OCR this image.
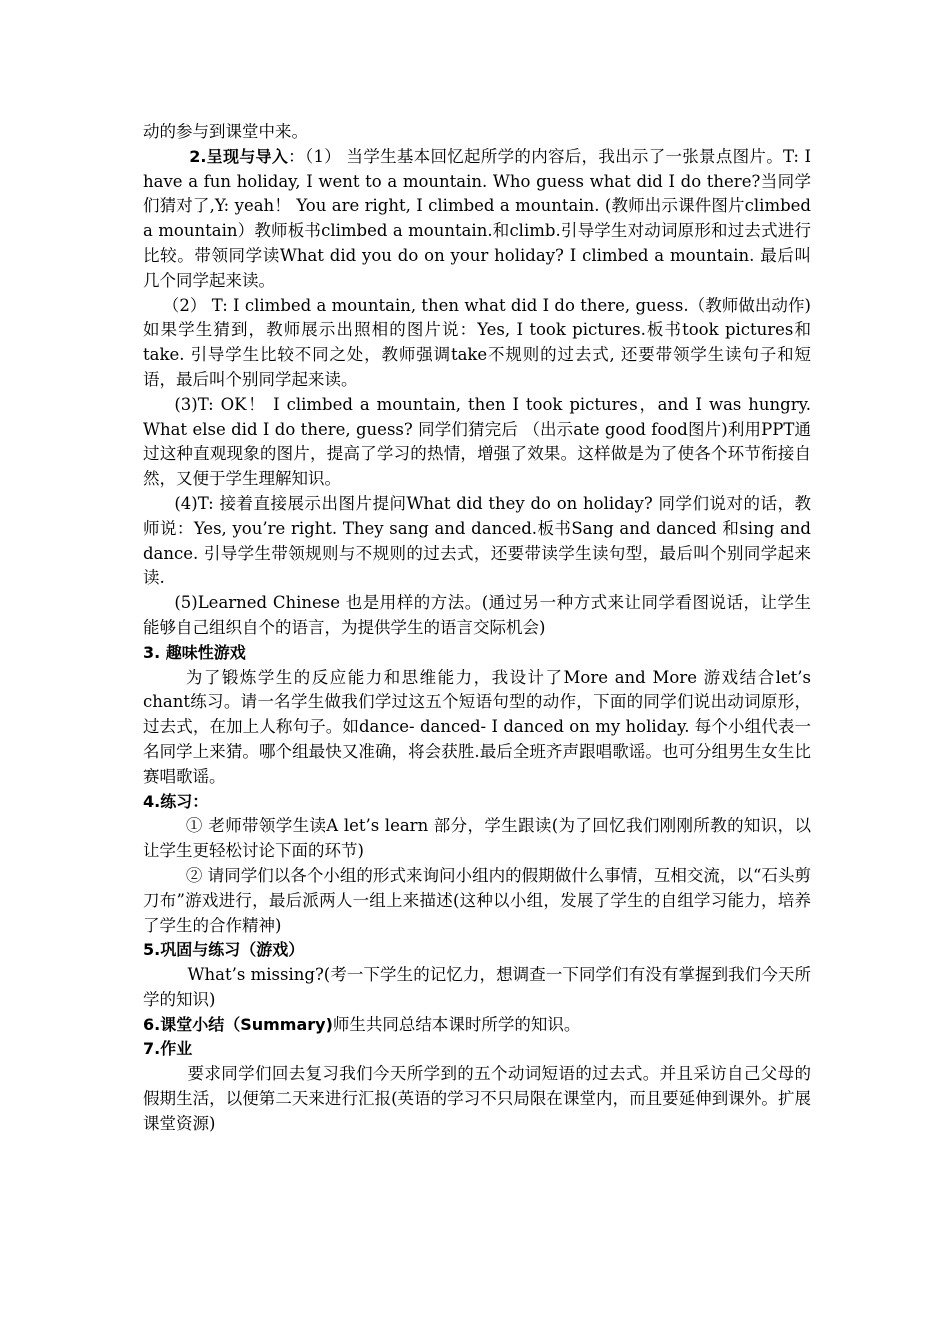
动的参与到课堂中来。

2.呈现与导入：（1） 当学生基本回忆起所学的内容后，我出示了一张景点图片。T: I have a fun holiday, I went to a mountain. Who guess what did I do there?当同学们猜对了,Y: yeah！ You are right, I climbed a mountain. (教师出示课件图片climbed a mountain）教师板书climbed a mountain.和climb.引导学生对动词原形和过去式进行比较。带领同学读What did you do on your holiday? I climbed a mountain. 最后叫几个同学起来读。

（2） T: I climbed a mountain, then what did I do there, guess.（教师做出动作)如果学生猜到，教师展示出照相的图片说：Yes, I took pictures.板书took pictures和take. 引导学生比较不同之处，教师强调take不规则的过去式, 还要带领学生读句子和短语，最后叫个别同学起来读。

(3)T: OK！ I climbed a mountain, then I took pictures，and I was hungry. What else did I do there, guess? 同学们猜完后 （出示ate good food图片)利用PPT通过这种直观现象的图片，提高了学习的热情，增强了效果。这样做是为了使各个环节衔接自然，又便于学生理解知识。

(4)T: 接着直接展示出图片提问What did they do on holiday? 同学们说对的话，教师说：Yes, you’re right. They sang and danced.板书Sang and danced 和sing and dance. 引导学生带领规则与不规则的过去式，还要带读学生读句型，最后叫个别同学起来读.

(5)Learned Chinese 也是用样的方法。(通过另一种方式来让同学看图说话，让学生能够自己组织自个的语言，为提供学生的语言交际机会)

3. 趣味性游戏

为了锻炼学生的反应能力和思维能力，我设计了More and More 游戏结合let’s chant练习。请一名学生做我们学过这五个短语句型的动作，下面的同学们说出动词原形，过去式，在加上人称句子。如dance- danced- I danced on my holiday. 每个小组代表一名同学上来猜。哪个组最快又准确，将会获胜.最后全班齐声跟唱歌谣。也可分组男生女生比赛唱歌谣。

4.练习：

① 老师带领学生读A let’s learn 部分，学生跟读(为了回忆我们刚刚所教的知识，以让学生更轻松讨论下面的环节)

② 请同学们以各个小组的形式来询问小组内的假期做什么事情，互相交流，以“石头剪刀布”游戏进行，最后派两人一组上来描述(这种以小组，发展了学生的自组学习能力，培养了学生的合作精神)

5.巩固与练习（游戏）

What’s missing?(考一下学生的记忆力，想调查一下同学们有没有掌握到我们今天所学的知识)

6.课堂小结（Summary)师生共同总结本课时所学的知识。

7.作业

要求同学们回去复习我们今天所学到的五个动词短语的过去式。并且采访自己父母的假期生活，以便第二天来进行汇报(英语的学习不只局限在课堂内，而且要延伸到课外。扩展课堂资源)
